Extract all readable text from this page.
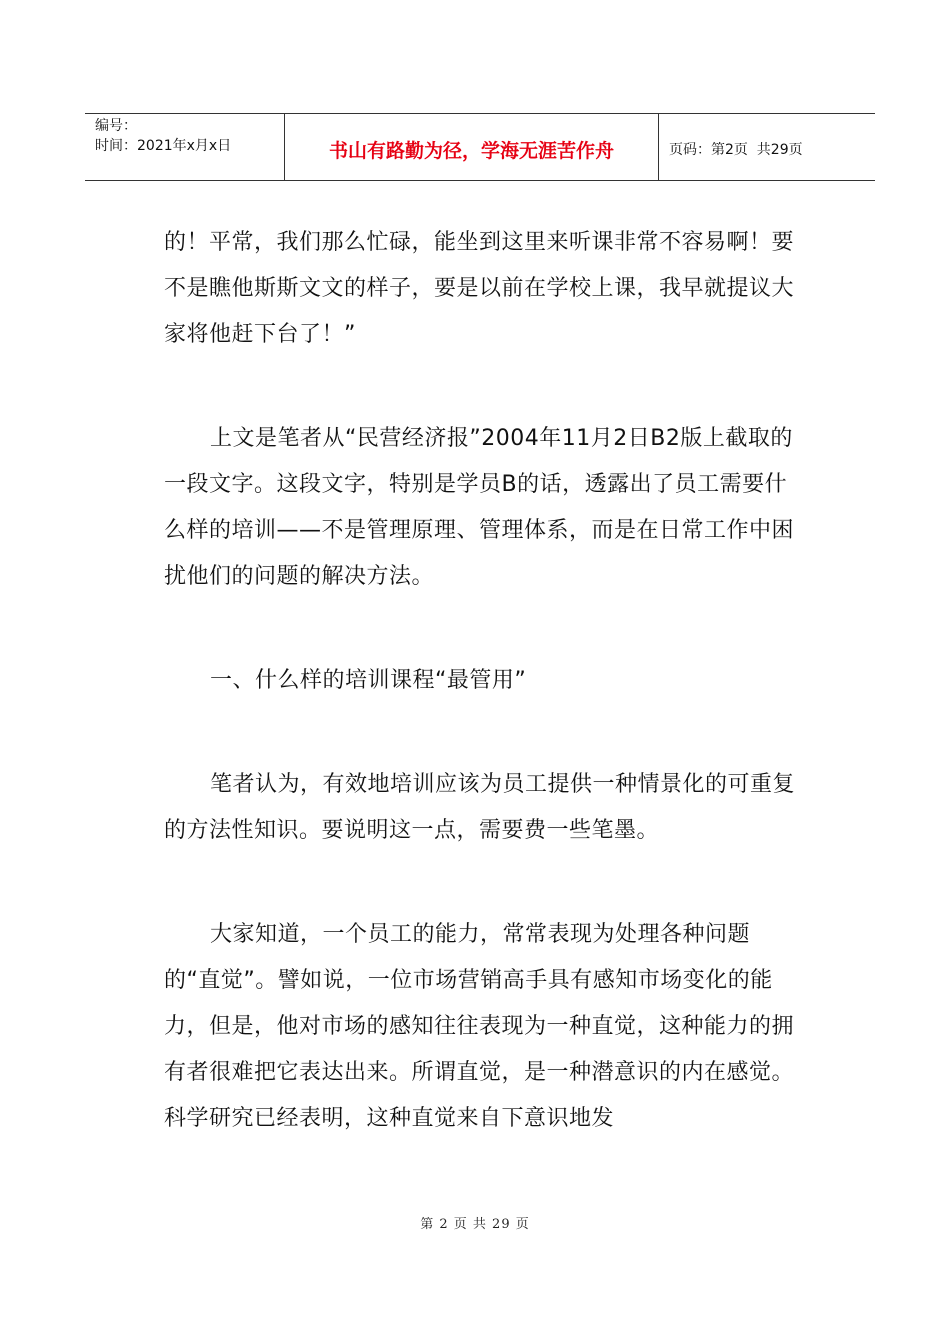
编号：
时间：2021年x月x日	书山有路勤为径，学海无涯苦作舟	页码：第2页  共29页

的！平常，我们那么忙碌，能坐到这里来听课非常不容易啊！要不是瞧他斯斯文文的样子，要是以前在学校上课，我早就提议大家将他赶下台了！”

上文是笔者从“民营经济报”2004年11月2日B2版上截取的一段文字。这段文字，特别是学员B的话，透露出了员工需要什么样的培训——不是管理原理、管理体系，而是在日常工作中困扰他们的问题的解决方法。

一、什么样的培训课程“最管用”

笔者认为，有效地培训应该为员工提供一种情景化的可重复的方法性知识。要说明这一点，需要费一些笔墨。

大家知道，一个员工的能力，常常表现为处理各种问题的“直觉”。譬如说，一位市场营销高手具有感知市场变化的能力，但是，他对市场的感知往往表现为一种直觉，这种能力的拥有者很难把它表达出来。所谓直觉，是一种潜意识的内在感觉。科学研究已经表明，这种直觉来自下意识地发

第 2 页 共 29 页
